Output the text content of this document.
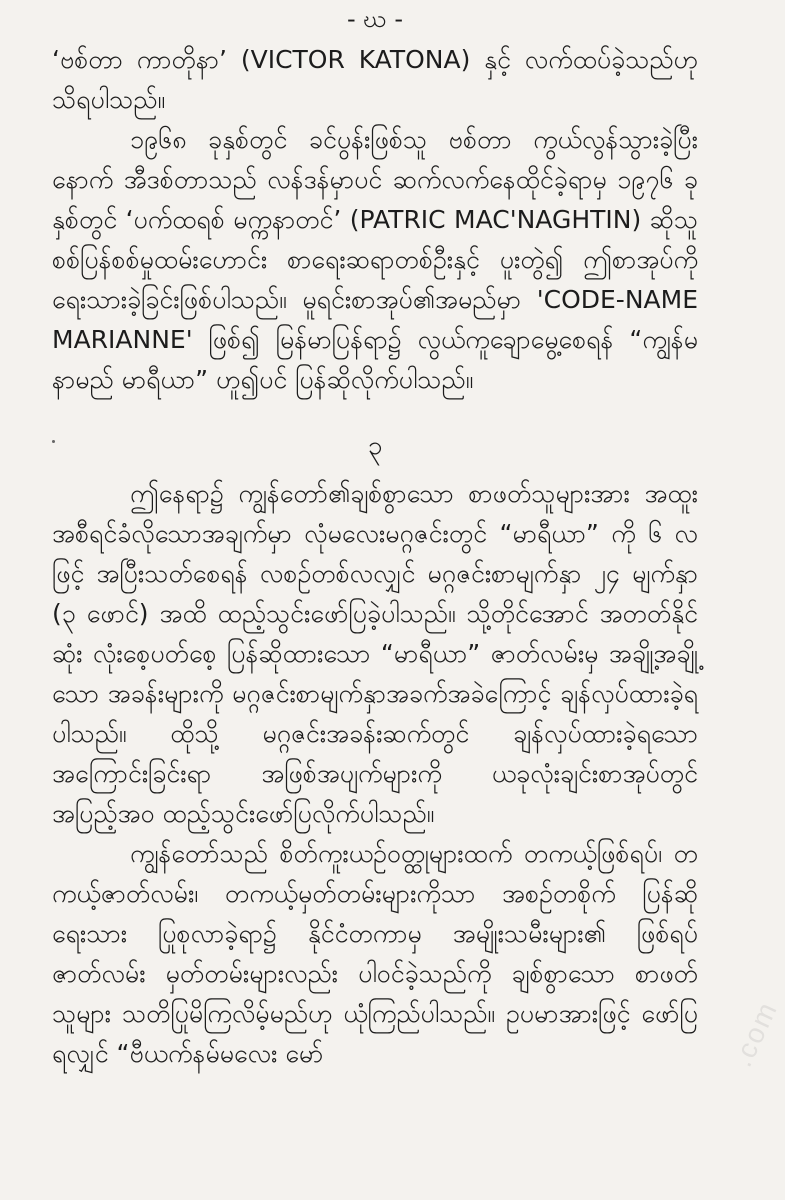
- ဃ -

‘ဗစ်တာ ကာတိုနာ’ (VICTOR KATONA) နှင့် လက်ထပ်ခဲ့သည်ဟု သိရပါသည်။

၁၉၆၈ ခုနှစ်တွင် ခင်ပွန်းဖြစ်သူ ဗစ်တာ ကွယ်လွန်သွားခဲ့ပြီးနောက် အီဒစ်တာသည် လန်ဒန်မှာပင် ဆက်လက်နေထိုင်ခဲ့ရာမှ ၁၉၇၆ ခုနှစ်တွင် ‘ပက်ထရစ် မက္ကနာတင်’ (PATRIC MAC'NAGHTIN) ဆိုသူ စစ်ပြန်စစ်မှုထမ်းဟောင်း စာရေးဆရာတစ်ဦးနှင့် ပူးတွဲ၍ ဤစာအုပ်ကို ရေးသားခဲ့ခြင်းဖြစ်ပါသည်။ မူရင်းစာအုပ်၏အမည်မှာ 'CODE-NAME MARIANNE' ဖြစ်၍ မြန်မာပြန်ရာ၌ လွယ်ကူချောမွေ့စေရန် “ကျွန်မနာမည် မာရီယာ” ဟူ၍ပင် ပြန်ဆိုလိုက်ပါသည်။

၃

ဤနေရာ၌ ကျွန်တော်၏ချစ်စွာသော စာဖတ်သူများအား အထူးအစီရင်ခံလိုသောအချက်မှာ လုံမလေးမဂ္ဂဇင်းတွင် “မာရီယာ” ကို ၆ လဖြင့် အပြီးသတ်စေရန် လစဉ်တစ်လလျှင် မဂ္ဂဇင်းစာမျက်နှာ ၂၄ မျက်နှာ (၃ ဖောင်) အထိ ထည့်သွင်းဖော်ပြခဲ့ပါသည်။ သို့တိုင်အောင် အတတ်နိုင်ဆုံး လုံးစေ့ပတ်စေ့ ပြန်ဆိုထားသော “မာရီယာ” ဇာတ်လမ်းမှ အချို့အချို့သော အခန်းများကို မဂ္ဂဇင်းစာမျက်နှာအခက်အခဲကြောင့် ချန်လှပ်ထားခဲ့ရပါသည်။ ထိုသို့ မဂ္ဂဇင်းအခန်းဆက်တွင် ချန်လှပ်ထားခဲ့ရသော အကြောင်းခြင်းရာ အဖြစ်အပျက်များကို ယခုလုံးချင်းစာအုပ်တွင် အပြည့်အဝ ထည့်သွင်းဖော်ပြလိုက်ပါသည်။

ကျွန်တော်သည် စိတ်ကူးယဉ်ဝတ္ထုများထက် တကယ့်ဖြစ်ရပ်၊ တကယ့်ဇာတ်လမ်း၊ တကယ့်မှတ်တမ်းများကိုသာ အစဉ်တစိုက် ပြန်ဆိုရေးသား ပြုစုလာခဲ့ရာ၌ နိုင်ငံတကာမှ အမျိုးသမီးများ၏ ဖြစ်ရပ်ဇာတ်လမ်း မှတ်တမ်းများလည်း ပါဝင်ခဲ့သည်ကို ချစ်စွာသော စာဖတ်သူများ သတိပြုမိကြလိမ့်မည်ဟု ယုံကြည်ပါသည်။ ဥပမာအားဖြင့် ဖော်ပြရလျှင် “ဗီယက်နမ်မလေး မော်	.com
